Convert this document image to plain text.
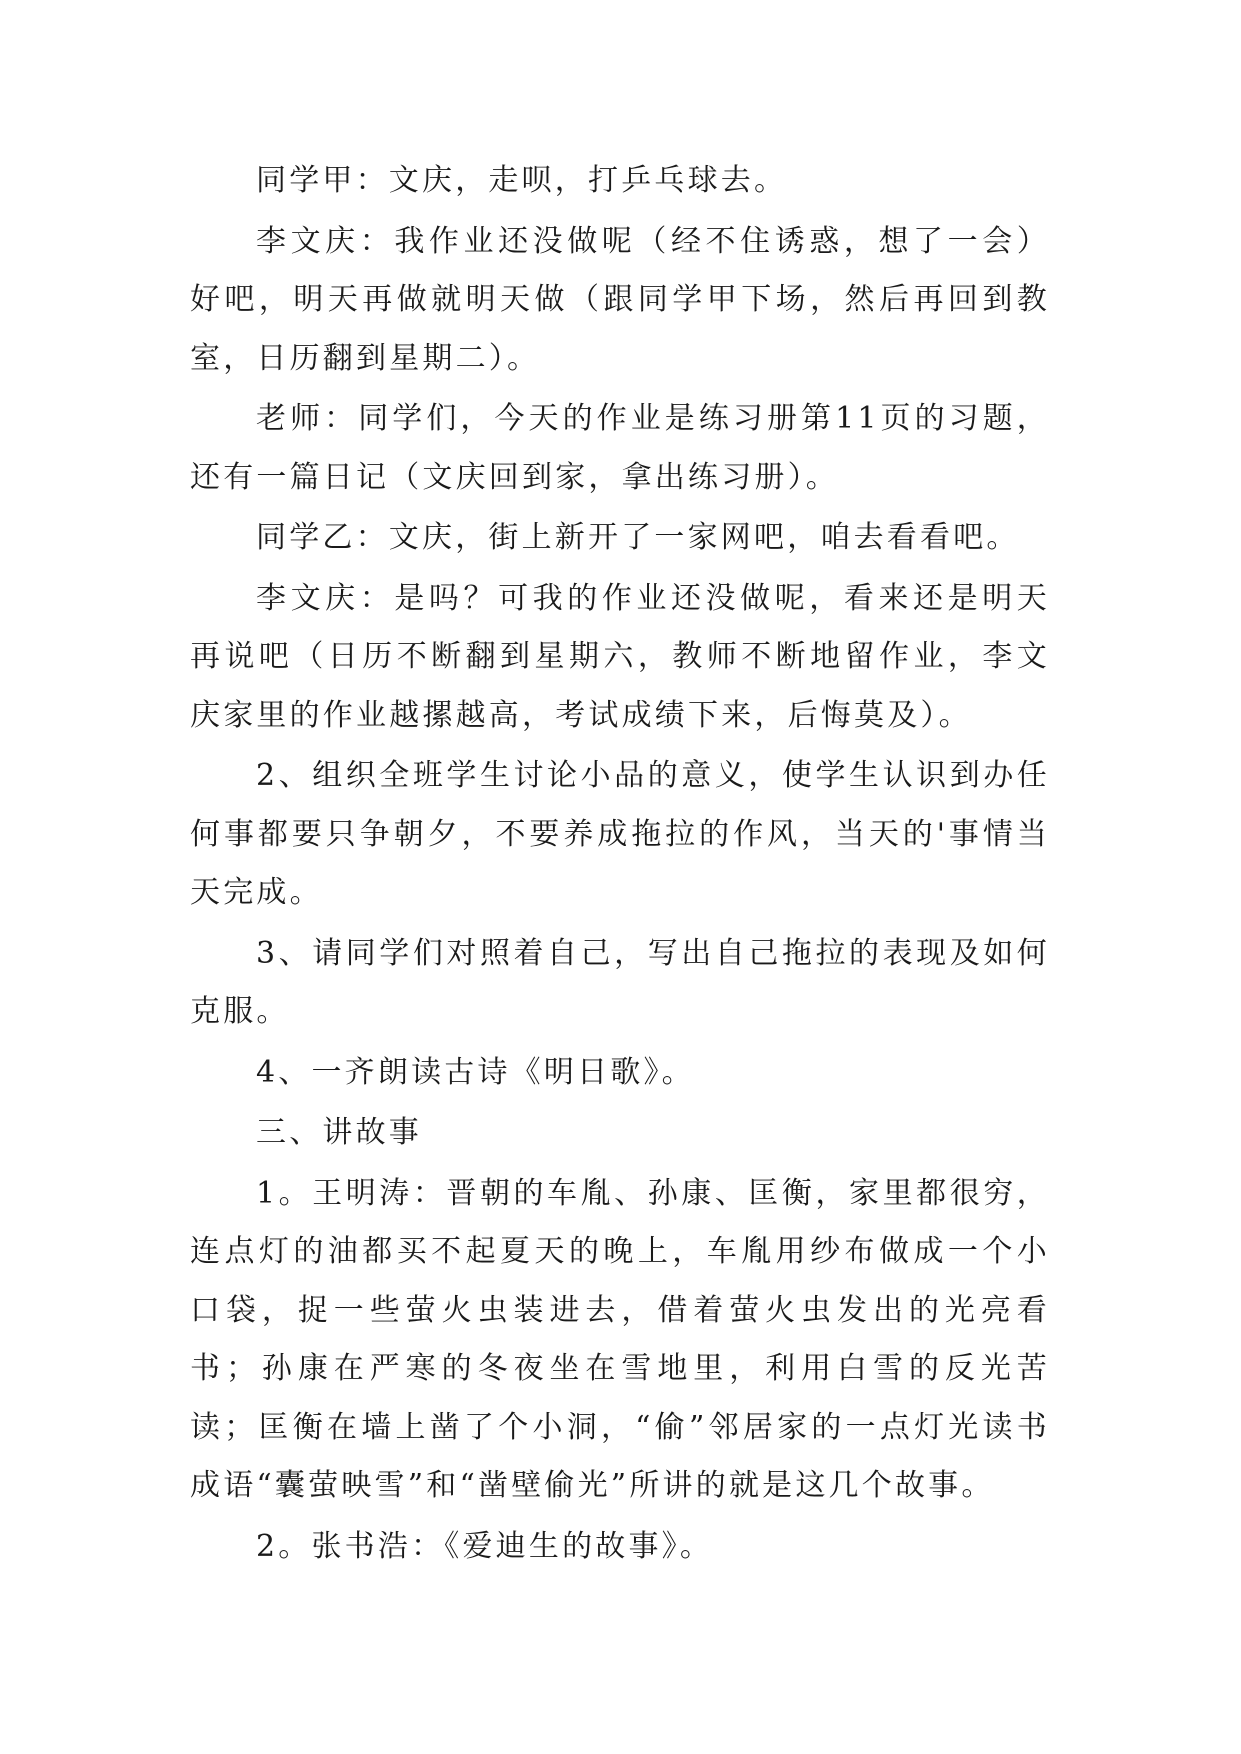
同学甲：文庆，走呗，打乒乓球去。

李文庆：我作业还没做呢（经不住诱惑，想了一会）好吧，明天再做就明天做（跟同学甲下场，然后再回到教室，日历翻到星期二）。

老师：同学们，今天的作业是练习册第11页的习题，还有一篇日记（文庆回到家，拿出练习册）。

同学乙：文庆，街上新开了一家网吧，咱去看看吧。

李文庆：是吗？可我的作业还没做呢，看来还是明天再说吧（日历不断翻到星期六，教师不断地留作业，李文庆家里的作业越摞越高，考试成绩下来，后悔莫及）。

2、组织全班学生讨论小品的意义，使学生认识到办任何事都要只争朝夕，不要养成拖拉的作风，当天的'事情当天完成。

3、请同学们对照着自己，写出自己拖拉的表现及如何克服。

4、一齐朗读古诗《明日歌》。

三、讲故事

1。王明涛：晋朝的车胤、孙康、匡衡，家里都很穷，连点灯的油都买不起夏天的晚上，车胤用纱布做成一个小口袋，捉一些萤火虫装进去，借着萤火虫发出的光亮看书；孙康在严寒的冬夜坐在雪地里，利用白雪的反光苦读；匡衡在墙上凿了个小洞，“偷”邻居家的一点灯光读书成语“囊萤映雪”和“凿壁偷光”所讲的就是这几个故事。

2。张书浩：《爱迪生的故事》。
